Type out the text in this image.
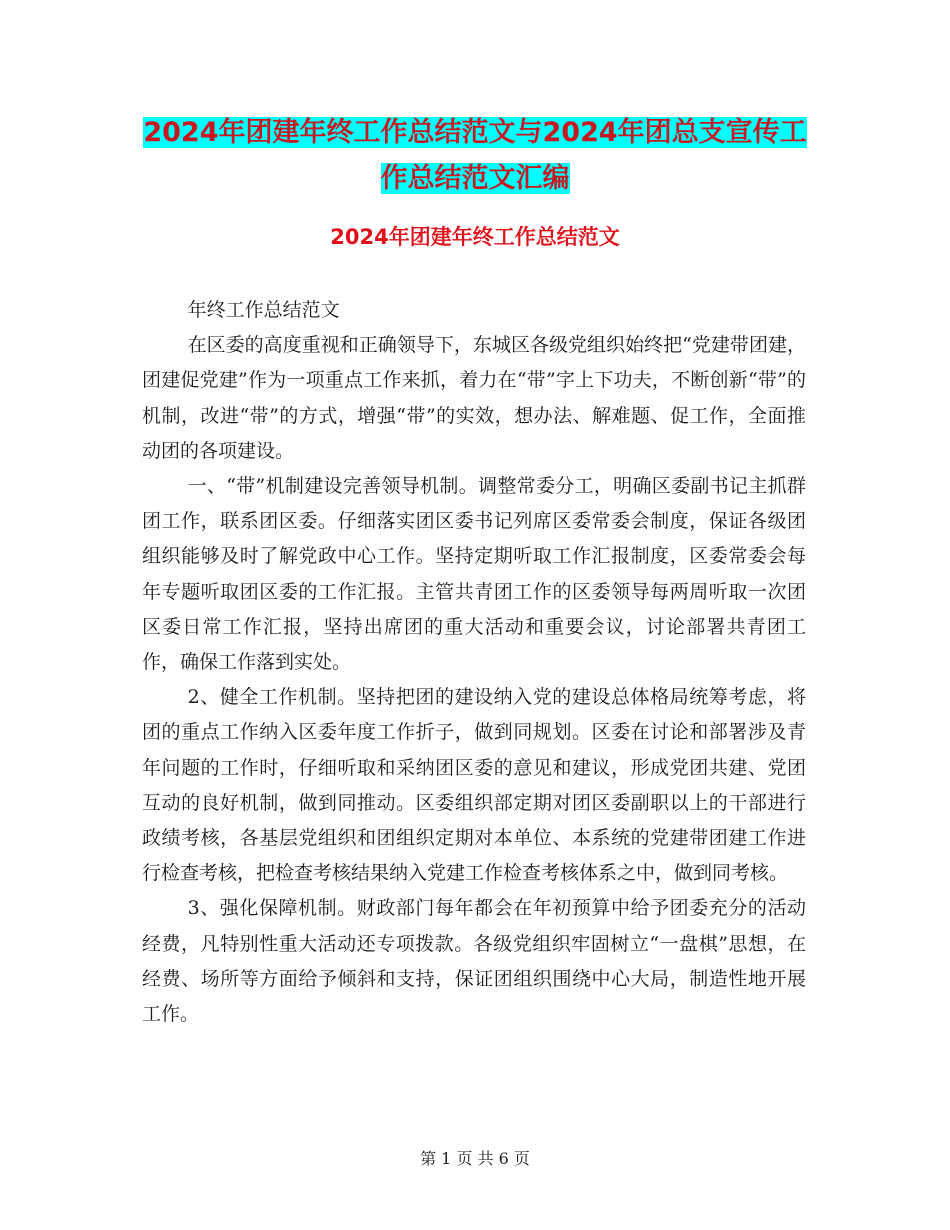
2024年团建年终工作总结范文与2024年团总支宣传工
作总结范文汇编
2024年团建年终工作总结范文

年终工作总结范文

在区委的高度重视和正确领导下，东城区各级党组织始终把“党建带团建，团建促党建”作为一项重点工作来抓，着力在“带”字上下功夫，不断创新“带”的机制，改进“带”的方式，增强“带”的实效，想办法、解难题、促工作，全面推动团的各项建设。

一、“带”机制建设完善领导机制。调整常委分工，明确区委副书记主抓群团工作，联系团区委。仔细落实团区委书记列席区委常委会制度，保证各级团组织能够及时了解党政中心工作。坚持定期听取工作汇报制度，区委常委会每年专题听取团区委的工作汇报。主管共青团工作的区委领导每两周听取一次团区委日常工作汇报，坚持出席团的重大活动和重要会议，讨论部署共青团工作，确保工作落到实处。

2、健全工作机制。坚持把团的建设纳入党的建设总体格局统筹考虑，将团的重点工作纳入区委年度工作折子，做到同规划。区委在讨论和部署涉及青年问题的工作时，仔细听取和采纳团区委的意见和建议，形成党团共建、党团互动的良好机制，做到同推动。区委组织部定期对团区委副职以上的干部进行政绩考核，各基层党组织和团组织定期对本单位、本系统的党建带团建工作进行检查考核，把检查考核结果纳入党建工作检查考核体系之中，做到同考核。

3、强化保障机制。财政部门每年都会在年初预算中给予团委充分的活动经费，凡特别性重大活动还专项拨款。各级党组织牢固树立“一盘棋”思想，在经费、场所等方面给予倾斜和支持，保证团组织围绕中心大局，制造性地开展工作。

第 1 页 共 6 页
